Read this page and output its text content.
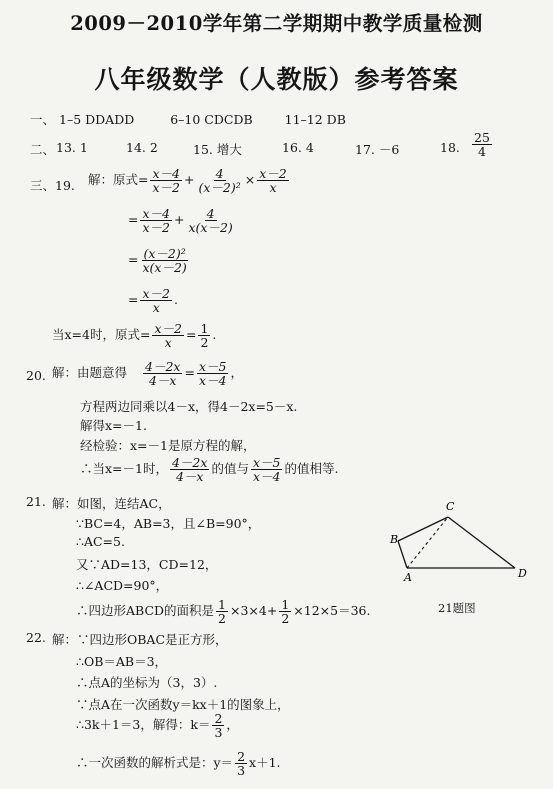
2009－2010学年第二学期期中教学质量检测
八年级数学（人教版）参考答案
一、 1–5 DDADD	6–10 CDCDB	11–12 DB
二、 13. 1	14. 2	15. 增大	16. 4	17. －6	18. $\frac{25}{4}$
三、19. 解：原式= $\frac{x-4}{x-2} + \frac{4}{\text{(x－2)²}} \times \frac{x-2}{x}$
= $\frac{x-4}{x-2} + \frac{4}{x(x-2)}$
= $\frac{\text{(x－2)²}}{x(x-2)}$
= $\frac{x-2}{x}$ .
当x=4时，原式= $\frac{x-2}{x} = \frac{1}{2}$ .
20. 解：由题意得 $\frac{4-2x}{4-x} = \frac{x-5}{x-4}$ ，
方程两边同乘以4－x，得4－2x=5－x.
解得x=－1.
经检验：x=－1是原方程的解，
∴当x=－1时， $\frac{4-2x}{4-x}$ 的值与 $\frac{x-5}{x-4}$ 的值相等.
21. 解：如图，连结AC，
∵BC=4，AB=3，且∠B=90°，
∴AC=5.
又∵AD=13，CD=12，
∴∠ACD=90°，
∴四边形ABCD的面积是 $\frac{1}{2} \times 3\times 4+ \frac{1}{2} \times 12\times 5=36$.
B
C
A	D
21题图
22. 解：∵四边形OBAC是正方形，
∴OB＝AB＝3，
∴点A的坐标为（3，3）.
∵点A在一次函数y＝kx＋1的图象上，
∴3k＋1＝3，解得：$k= \frac{2}{3}$ ，
∴一次函数的解析式是：$y= \frac{2}{3} x+1$.
